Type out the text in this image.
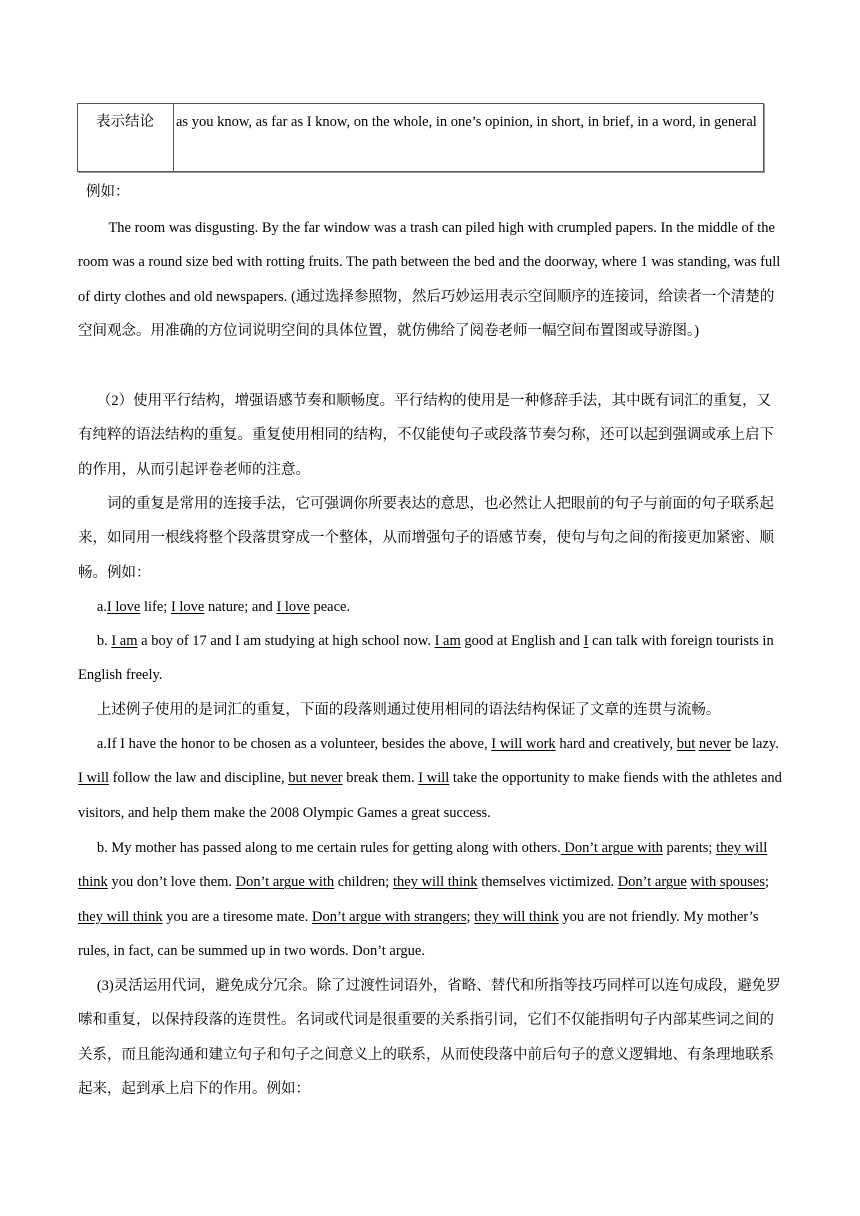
表示结论	as you know, as far as I know, on the whole, in one’s opinion, in short, in brief, in a word, in general
例如：
The room was disgusting. By the far window was a trash can piled high with crumpled papers. In the middle of the room was a round size bed with rotting fruits. The path between the bed and the doorway, where 1 was standing, was full of dirty clothes and old newspapers. (通过选择参照物，然后巧妙运用表示空间顺序的连接词，给读者一个清楚的空间观念。用准确的方位词说明空间的具体位置，就仿佛给了阅卷老师一幅空间布置图或导游图。)
（2）使用平行结构，增强语感节奏和顺畅度。平行结构的使用是一种修辞手法，其中既有词汇的重复，又有纯粹的语法结构的重复。重复使用相同的结构，不仅能使句子或段落节奏匀称，还可以起到强调或承上启下的作用，从而引起评卷老师的注意。
词的重复是常用的连接手法，它可强调你所要表达的意思，也必然让人把眼前的句子与前面的句子联系起来，如同用一根线将整个段落贯穿成一个整体，从而增强句子的语感节奏，使句与句之间的衔接更加紧密、顺畅。例如：
a.I love life; I love nature; and I love peace.
b. I am a boy of 17 and I am studying at high school now. I am good at English and I can talk with foreign tourists in English freely.
上述例子使用的是词汇的重复，下面的段落则通过使用相同的语法结构保证了文章的连贯与流畅。
a.If I have the honor to be chosen as a volunteer, besides the above, I will work hard and creatively, but never be lazy. I will follow the law and discipline, but never break them. I will take the opportunity to make fiends with the athletes and visitors, and help them make the 2008 Olympic Games a great success.
b. My mother has passed along to me certain rules for getting along with others. Don’t argue with parents; they will think you don’t love them. Don’t argue with children; they will think themselves victimized. Don’t argue with spouses; they will think you are a tiresome mate. Don’t argue with strangers; they will think you are not friendly. My mother’s rules, in fact, can be summed up in two words. Don’t argue.
(3)灵活运用代词，避免成分冗余。除了过渡性词语外，省略、替代和所指等技巧同样可以连句成段，避免罗嗦和重复，以保持段落的连贯性。名词或代词是很重要的关系指引词，它们不仅能指明句子内部某些词之间的关系，而且能沟通和建立句子和句子之间意义上的联系，从而使段落中前后句子的意义逻辑地、有条理地联系起来，起到承上启下的作用。例如：
